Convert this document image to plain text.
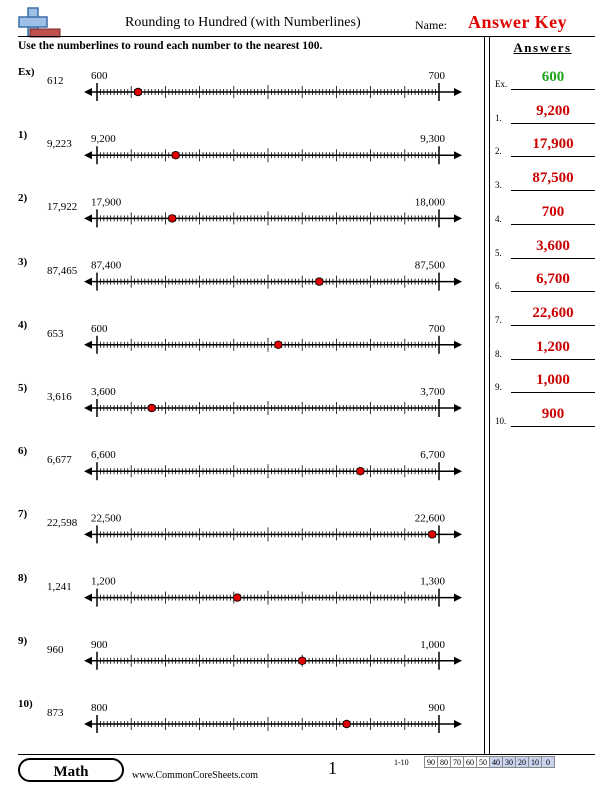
Rounding to Hundred (with Numberlines)	Name: Answer Key
Use the numberlines to round each number to the nearest 100.	Answers
Ex)
612
1)
9,223
2)
17,922
3)
87,465
4)
653
5)
3,616
6)
6,677
7)
22,598
8)
1,241
9)
960
10)
873
Ex.	600
1.	9,200
2.	17,900
3.	87,500
4.	700
5.	3,600
6.	6,700
7.	22,600
8.	1,200
9.	1,000
10.	900
Math	www.CommonCoreSheets.com	1	1-10 90	80	70	60	50	40	30	20	10	0
600	700
9,200	9,300
17,900	18,000
87,400	87,500
600	700
3,600	3,700
6,600	6,700
22,500	22,600
1,200	1,300
900	1,000
800	900
